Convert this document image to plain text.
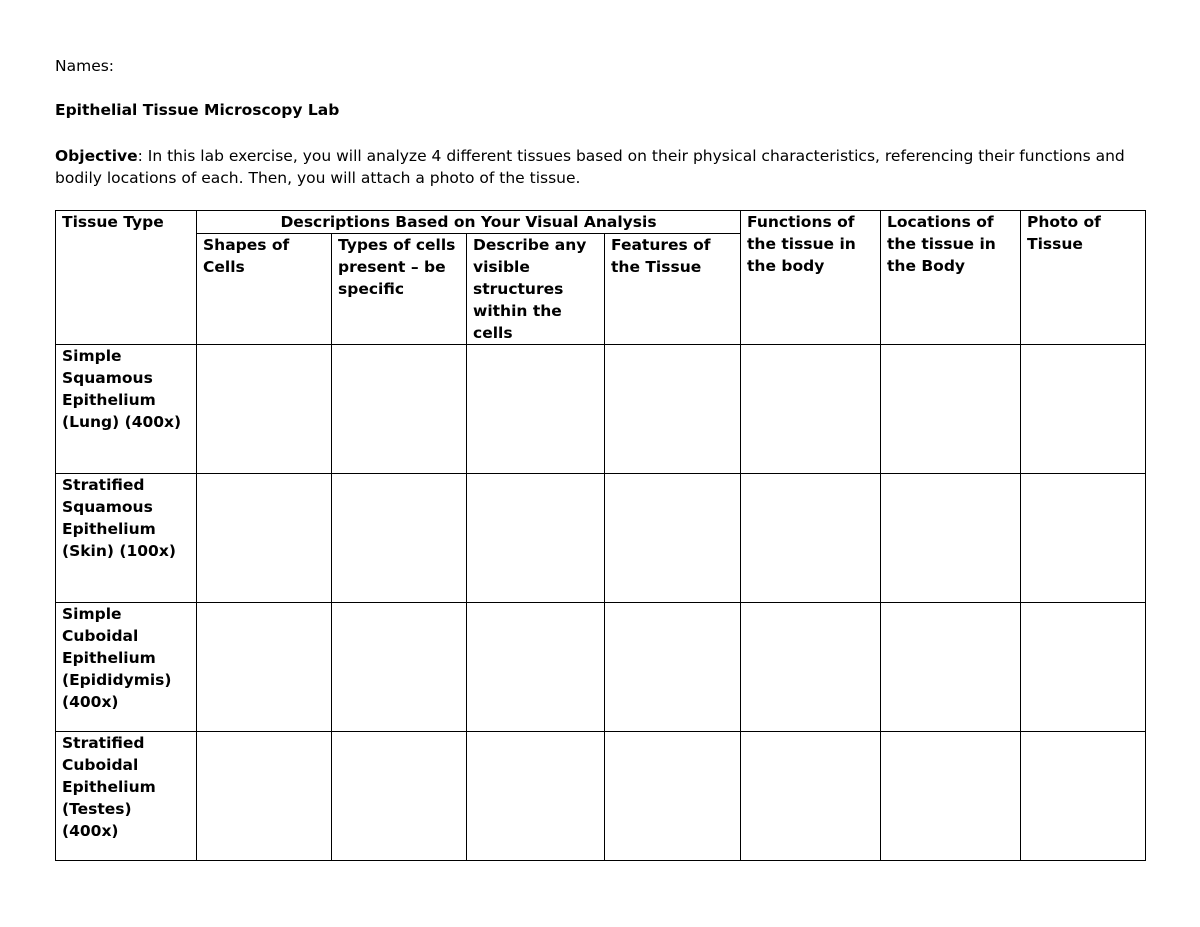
Names:
Epithelial Tissue Microscopy Lab
Objective: In this lab exercise, you will analyze 4 different tissues based on their physical characteristics, referencing their functions and bodily locations of each. Then, you will attach a photo of the tissue.
Tissue Type	Descriptions Based on Your Visual Analysis				Functions of the tissue in the body	Locations of the tissue in the Body	Photo of Tissue
	Shapes of Cells	Types of cells present – be specific	Describe any visible structures within the cells	Features of the Tissue			
Simple Squamous Epithelium (Lung) (400x)							
Stratified Squamous Epithelium (Skin) (100x)							
Simple Cuboidal Epithelium (Epididymis) (400x)							
Stratified Cuboidal Epithelium (Testes) (400x)							
